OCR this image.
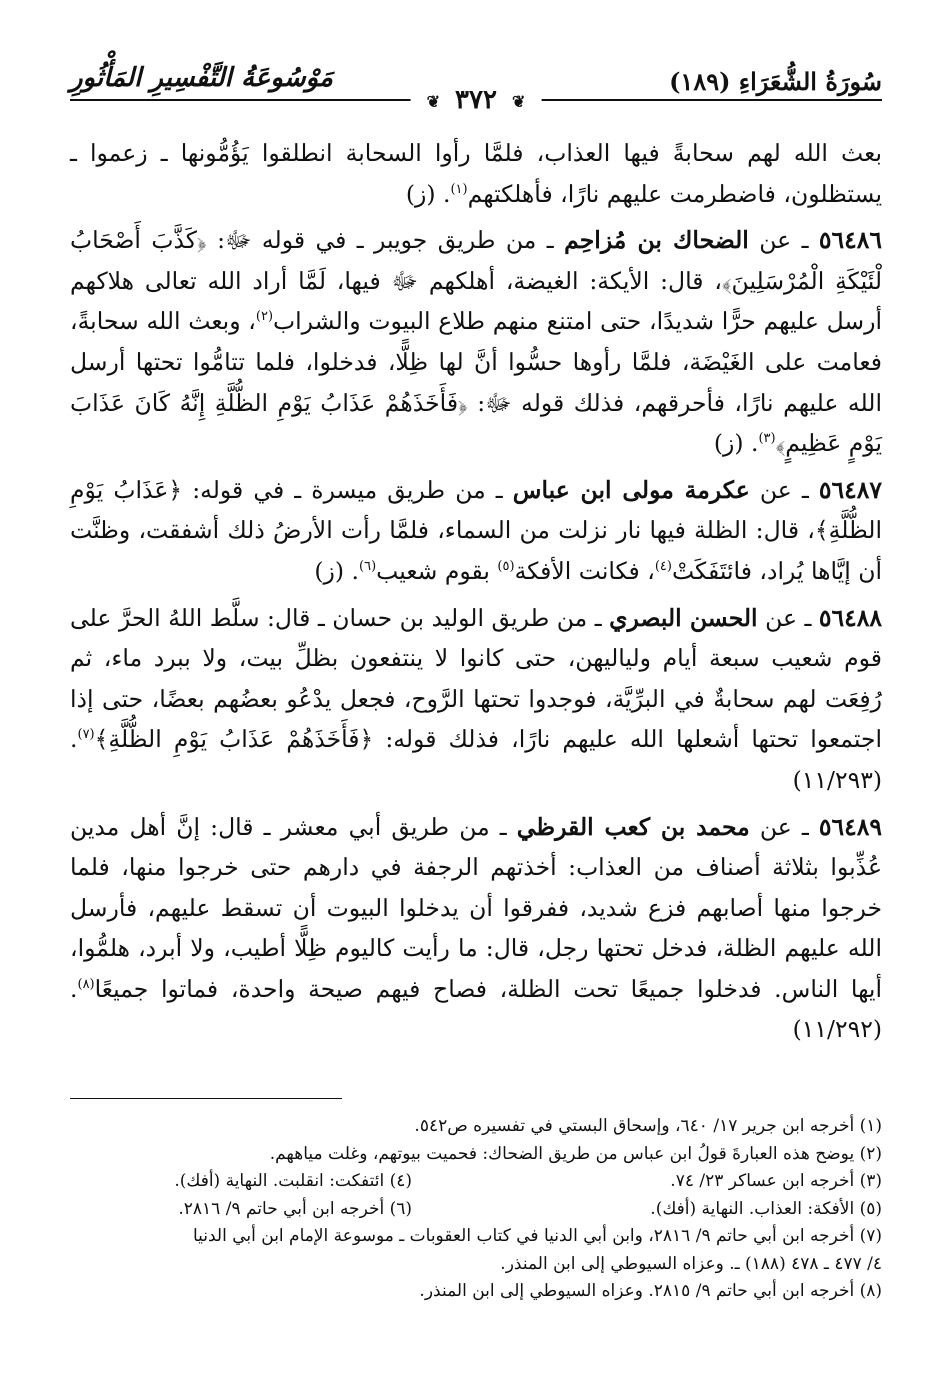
سُورَةُ الشُّعَرَاءِ (١٨٩)
مَوْسُوعَةُ التَّفْسِيرِ المَأْثُورِ
❦ ٣٧٢ ❦

بعث الله لهم سحابةً فيها العذاب، فلمَّا رأوا السحابة انطلقوا يَؤُمُّونها ـ زعموا ـ يستظلون، فاضطرمت عليهم نارًا، فأهلكتهم$^{(١)}$. (ز)

٥٦٤٨٦ ـ عن الضحاك بن مُزاحِم ـ من طريق جويبر ـ في قوله ﷻ: ﴿كَذَّبَ أَصْحَابُ لْئَيْكَةِ الْمُرْسَلِينَ﴾، قال: الأيكة: الغيضة، أهلكهم ﷻ فيها، لَمَّا أراد الله تعالى هلاكهم أرسل عليهم حرًّا شديدًا، حتى امتنع منهم طلاع البيوت والشراب$^{(٢)}$، وبعث الله سحابةً، فعامت على الغَيْضَة، فلمَّا رأوها حسُّوا أنَّ لها ظِلًّا، فدخلوا، فلما تتامُّوا تحتها أرسل الله عليهم نارًا، فأحرقهم، فذلك قوله ﷻ: ﴿فَأَخَذَهُمْ عَذَابُ يَوْمِ الظُّلَّةِ إِنَّهُ كَانَ عَذَابَ يَوْمٍ عَظِيمٍ﴾$^{(٣)}$. (ز)

٥٦٤٨٧ ـ عن عكرمة مولى ابن عباس ـ من طريق ميسرة ـ في قوله: ﴿عَذَابُ يَوْمِ الظُّلَّةِ﴾، قال: الظلة فيها نار نزلت من السماء، فلمَّا رأت الأرضُ ذلك أشفقت، وظنَّت أن إيَّاها يُراد، فائتَفَكَتْ$^{(٤)}$، فكانت الأفكة$^{(٥)}$ بقوم شعيب$^{(٦)}$. (ز)

٥٦٤٨٨ ـ عن الحسن البصري ـ من طريق الوليد بن حسان ـ قال: سلَّط اللهُ الحرَّ على قوم شعيب سبعة أيام ولياليهن، حتى كانوا لا ينتفعون بظلِّ بيت، ولا ببرد ماء، ثم رُفِعَت لهم سحابةٌ في البرِّيَّة، فوجدوا تحتها الرَّوح، فجعل يدْعُو بعضُهم بعضًا، حتى إذا اجتمعوا تحتها أشعلها الله عليهم نارًا، فذلك قوله: ﴿فَأَخَذَهُمْ عَذَابُ يَوْمِ الظُّلَّةِ﴾$^{(٧)}$. (١١/٢٩٣)

٥٦٤٨٩ ـ عن محمد بن كعب القرظي ـ من طريق أبي معشر ـ قال: إنَّ أهل مدين عُذِّبوا بثلاثة أصناف من العذاب: أخذتهم الرجفة في دارهم حتى خرجوا منها، فلما خرجوا منها أصابهم فزع شديد، ففرقوا أن يدخلوا البيوت أن تسقط عليهم، فأرسل الله عليهم الظلة، فدخل تحتها رجل، قال: ما رأيت كاليوم ظِلًّا أطيب، ولا أبرد، هلمُّوا، أيها الناس. فدخلوا جميعًا تحت الظلة، فصاح فيهم صيحة واحدة، فماتوا جميعًا$^{(٨)}$. (١١/٢٩٢)

(١) أخرجه ابن جرير ١٧/ ٦٤٠، وإسحاق البستي في تفسيره ص٥٤٢.

(٢) يوضح هذه العبارةَ قولُ ابن عباس من طريق الضحاك: فحميت بيوتهم، وغلت مياههم.

(٣) أخرجه ابن عساكر ٢٣/ ٧٤.

(٤) ائتفكت: انقلبت. النهاية (أفك).

(٥) الأفكة: العذاب. النهاية (أفك).

(٦) أخرجه ابن أبي حاتم ٩/ ٢٨١٦.

(٧) أخرجه ابن أبي حاتم ٩/ ٢٨١٦، وابن أبي الدنيا في كتاب العقوبات ـ موسوعة الإمام ابن أبي الدنيا

٤/ ٤٧٧ ـ ٤٧٨ (١٨٨) ـ. وعزاه السيوطي إلى ابن المنذر.

(٨) أخرجه ابن أبي حاتم ٩/ ٢٨١٥. وعزاه السيوطي إلى ابن المنذر.
